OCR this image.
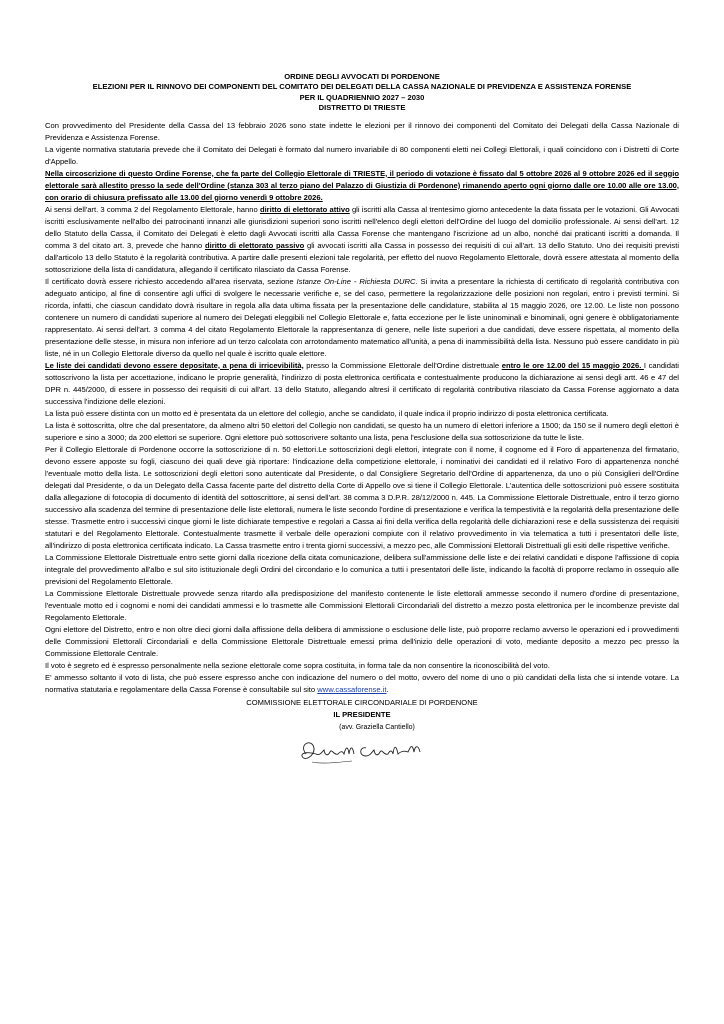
ORDINE DEGLI AVVOCATI DI PORDENONE
ELEZIONI PER IL RINNOVO DEI COMPONENTI DEL COMITATO DEI DELEGATI DELLA CASSA NAZIONALE DI PREVIDENZA E ASSISTENZA FORENSE
PER IL QUADRIENNIO 2027 – 2030
DISTRETTO DI TRIESTE

Con provvedimento del Presidente della Cassa del 13 febbraio 2026 sono state indette le elezioni per il rinnovo dei componenti del Comitato dei Delegati della Cassa Nazionale di Previdenza e Assistenza Forense.

La vigente normativa statutaria prevede che il Comitato dei Delegati è formato dal numero invariabile di 80 componenti eletti nei Collegi Elettorali, i quali coincidono con i Distretti di Corte d'Appello.

Nella circoscrizione di questo Ordine Forense, che fa parte del Collegio Elettorale di TRIESTE, il periodo di votazione è fissato dal 5 ottobre 2026 al 9 ottobre 2026 ed il seggio elettorale sarà allestito presso la sede dell'Ordine (stanza 303 al terzo piano del Palazzo di Giustizia di Pordenone) rimanendo aperto ogni giorno dalle ore 10.00 alle ore 13.00, con orario di chiusura prefissato alle 13.00 del giorno venerdì 9 ottobre 2026.

Ai sensi dell'art. 3 comma 2 del Regolamento Elettorale, hanno diritto di elettorato attivo gli iscritti alla Cassa al trentesimo giorno antecedente la data fissata per le votazioni. Gli Avvocati iscritti esclusivamente nell'albo dei patrocinanti innanzi alle giurisdizioni superiori sono iscritti nell'elenco degli elettori dell'Ordine del luogo del domicilio professionale. Ai sensi dell'art. 12 dello Statuto della Cassa, il Comitato dei Delegati è eletto dagli Avvocati iscritti alla Cassa Forense che mantengano l'iscrizione ad un albo, nonché dai praticanti iscritti a domanda. Il comma 3 del citato art. 3, prevede che hanno diritto di elettorato passivo gli avvocati iscritti alla Cassa in possesso dei requisiti di cui all'art. 13 dello Statuto. Uno dei requisiti previsti dall'articolo 13 dello Statuto è la regolarità contributiva. A partire dalle presenti elezioni tale regolarità, per effetto del nuovo Regolamento Elettorale, dovrà essere attestata al momento della sottoscrizione della lista di candidatura, allegando il certificato rilasciato da Cassa Forense.

Il certificato dovrà essere richiesto accedendo all'area riservata, sezione Istanze On-Line - Richiesta DURC. Si invita a presentare la richiesta di certificato di regolarità contributiva con adeguato anticipo, al fine di consentire agli uffici di svolgere le necessarie verifiche e, se del caso, permettere la regolarizzazione delle posizioni non regolari, entro i previsti termini. Si ricorda, infatti, che ciascun candidato dovrà risultare in regola alla data ultima fissata per la presentazione delle candidature, stabilita al 15 maggio 2026, ore 12.00. Le liste non possono contenere un numero di candidati superiore al numero dei Delegati eleggibili nel Collegio Elettorale e, fatta eccezione per le liste uninominali e binominali, ogni genere è obbligatoriamente rappresentato. Ai sensi dell'art. 3 comma 4 del citato Regolamento Elettorale la rappresentanza di genere, nelle liste superiori a due candidati, deve essere rispettata, al momento della presentazione delle stesse, in misura non inferiore ad un terzo calcolata con arrotondamento matematico all'unità, a pena di inammissibilità della lista. Nessuno può essere candidato in più liste, né in un Collegio Elettorale diverso da quello nel quale è iscritto quale elettore.

Le liste dei candidati devono essere depositate, a pena di irricevibilità, presso la Commissione Elettorale dell'Ordine distrettuale entro le ore 12.00 del 15 maggio 2026. I candidati sottoscrivono la lista per accettazione, indicano le proprie generalità, l'indirizzo di posta elettronica certificata e contestualmente producono la dichiarazione ai sensi degli artt. 46 e 47 del DPR n. 445/2000, di essere in possesso dei requisiti di cui all'art. 13 dello Statuto, allegando altresì il certificato di regolarità contributiva rilasciato da Cassa Forense aggiornato a data successiva l'indizione delle elezioni.

La lista può essere distinta con un motto ed è presentata da un elettore del collegio, anche se candidato, il quale indica il proprio indirizzo di posta elettronica certificata.

La lista è sottoscritta, oltre che dal presentatore, da almeno altri 50 elettori del Collegio non candidati, se questo ha un numero di elettori inferiore a 1500; da 150 se il numero degli elettori è superiore e sino a 3000; da 200 elettori se superiore. Ogni elettore può sottoscrivere soltanto una lista, pena l'esclusione della sua sottoscrizione da tutte le liste.

Per il Collegio Elettorale di Pordenone occorre la sottoscrizione di n. 50 elettori.Le sottoscrizioni degli elettori, integrate con il nome, il cognome ed il Foro di appartenenza del firmatario, devono essere apposte su fogli, ciascuno dei quali deve già riportare: l'indicazione della competizione elettorale, i nominativi dei candidati ed il relativo Foro di appartenenza nonché l'eventuale motto della lista. Le sottoscrizioni degli elettori sono autenticate dal Presidente, o dal Consigliere Segretario dell'Ordine di appartenenza, da uno o più Consiglieri dell'Ordine delegati dal Presidente, o da un Delegato della Cassa facente parte del distretto della Corte di Appello ove si tiene il Collegio Elettorale. L'autentica delle sottoscrizioni può essere sostituita dalla allegazione di fotocopia di documento di identità del sottoscrittore, ai sensi dell'art. 38 comma 3 D.P.R. 28/12/2000 n. 445. La Commissione Elettorale Distrettuale, entro il terzo giorno successivo alla scadenza del termine di presentazione delle liste elettorali, numera le liste secondo l'ordine di presentazione e verifica la tempestività e la regolarità della presentazione delle stesse. Trasmette entro i successivi cinque giorni le liste dichiarate tempestive e regolari a Cassa ai fini della verifica della regolarità delle dichiarazioni rese e della sussistenza dei requisiti statutari e del Regolamento Elettorale. Contestualmente trasmette il verbale delle operazioni compiute con il relativo provvedimento in via telematica a tutti i presentatori delle liste, all'indirizzo di posta elettronica certificata indicato. La Cassa trasmette entro i trenta giorni successivi, a mezzo pec, alle Commissioni Elettorali Distrettuali gli esiti delle rispettive verifiche.

La Commissione Elettorale Distrettuale entro sette giorni dalla ricezione della citata comunicazione, delibera sull'ammissione delle liste e dei relativi candidati e dispone l'affissione di copia integrale del provvedimento all'albo e sul sito istituzionale degli Ordini del circondario e lo comunica a tutti i presentatori delle liste, indicando la facoltà di proporre reclamo in ossequio alle previsioni del Regolamento Elettorale.

La Commissione Elettorale Distrettuale provvede senza ritardo alla predisposizione del manifesto contenente le liste elettorali ammesse secondo il numero d'ordine di presentazione, l'eventuale motto ed i cognomi e nomi dei candidati ammessi e lo trasmette alle Commissioni Elettorali Circondariali del distretto a mezzo posta elettronica per le incombenze previste dal Regolamento Elettorale.

Ogni elettore del Distretto, entro e non oltre dieci giorni dalla affissione della delibera di ammissione o esclusione delle liste, può proporre reclamo avverso le operazioni ed i provvedimenti delle Commissioni Elettorali Circondariali e della Commissione Elettorale Distrettuale emessi prima dell'inizio delle operazioni di voto, mediante deposito a mezzo pec presso la Commissione Elettorale Centrale.

Il voto è segreto ed è espresso personalmente nella sezione elettorale come sopra costituita, in forma tale da non consentire la riconoscibilità del voto.

E' ammesso soltanto il voto di lista, che può essere espresso anche con indicazione del numero o del motto, ovvero del nome di uno o più candidati della lista che si intende votare. La normativa statutaria e regolamentare della Cassa Forense è consultabile sul sito www.cassaforense.it.

COMMISSIONE ELETTORALE CIRCONDARIALE DI PORDENONE
IL PRESIDENTE
(avv. Graziella Cantiello)
